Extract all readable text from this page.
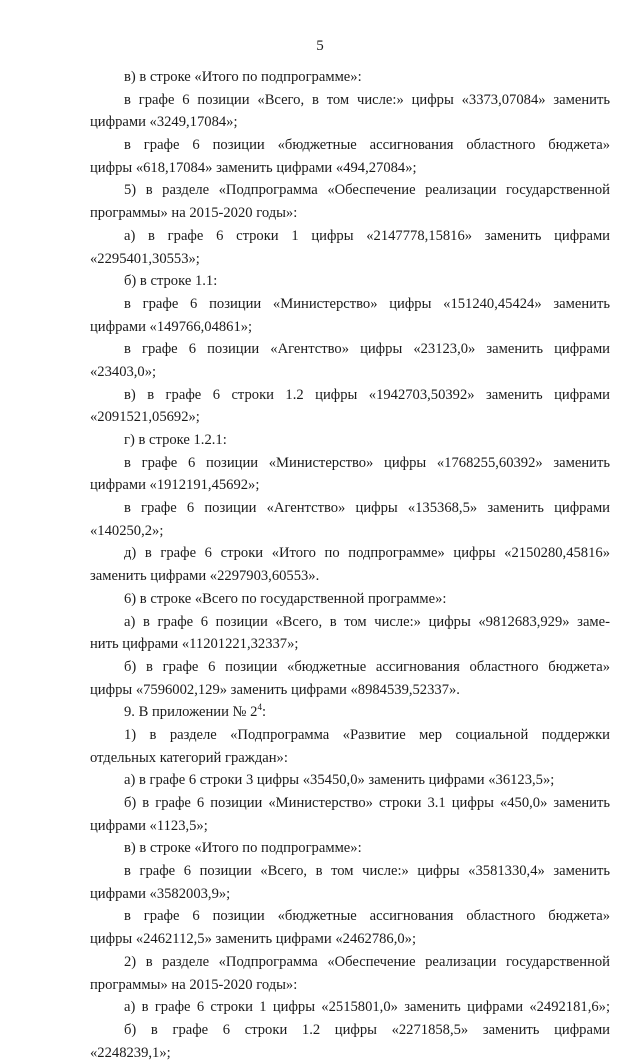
5
в) в строке «Итого по подпрограмме»:
в графе 6 позиции «Всего, в том числе:» цифры «3373,07084» заменить
цифрами «3249,17084»;
в графе 6 позиции «бюджетные ассигнования областного бюджета»
цифры «618,17084» заменить цифрами «494,27084»;
5) в разделе «Подпрограмма «Обеспечение реализации государственной
программы» на 2015-2020 годы»:
а) в графе 6 строки 1 цифры «2147778,15816» заменить цифрами
«2295401,30553»;
б) в строке 1.1:
в графе 6 позиции «Министерство» цифры «151240,45424» заменить
цифрами «149766,04861»;
в графе 6 позиции «Агентство» цифры «23123,0» заменить цифрами
«23403,0»;
в) в графе 6 строки 1.2 цифры «1942703,50392» заменить цифрами
«2091521,05692»;
г) в строке 1.2.1:
в графе 6 позиции «Министерство» цифры «1768255,60392» заменить
цифрами «1912191,45692»;
в графе 6 позиции «Агентство» цифры «135368,5» заменить цифрами
«140250,2»;
д) в графе 6 строки «Итого по подпрограмме» цифры «2150280,45816»
заменить цифрами «2297903,60553».
6) в строке «Всего по государственной программе»:
а) в графе 6 позиции «Всего, в том числе:» цифры «9812683,929» заме-
нить цифрами «11201221,32337»;
б) в графе 6 позиции «бюджетные ассигнования областного бюджета»
цифры «7596002,129» заменить цифрами «8984539,52337».
9. В приложении № $2^4$:
1) в разделе «Подпрограмма «Развитие мер социальной поддержки
отдельных категорий граждан»:
а) в графе 6 строки 3 цифры «35450,0» заменить цифрами «36123,5»;
б) в графе 6 позиции «Министерство» строки 3.1 цифры «450,0» заменить
цифрами «1123,5»;
в) в строке «Итого по подпрограмме»:
в графе 6 позиции «Всего, в том числе:» цифры «3581330,4» заменить
цифрами «3582003,9»;
в графе 6 позиции «бюджетные ассигнования областного бюджета»
цифры «2462112,5» заменить цифрами «2462786,0»;
2) в разделе «Подпрограмма «Обеспечение реализации государственной
программы» на 2015-2020 годы»:
а) в графе 6 строки 1 цифры «2515801,0» заменить цифрами «2492181,6»;
б) в графе 6 строки 1.2 цифры «2271858,5» заменить цифрами
«2248239,1»;
